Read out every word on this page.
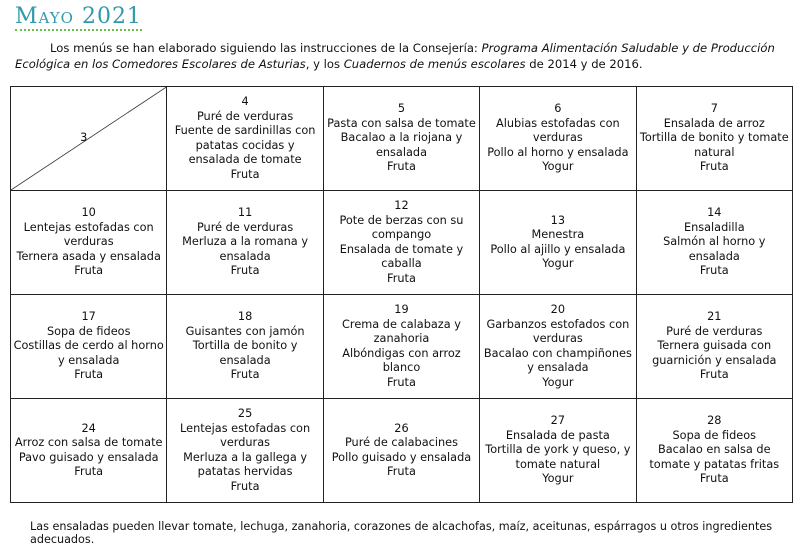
Mayo 2021
Los menús se han elaborado siguiendo las instrucciones de la Consejería: Programa Alimentación Saludable y de Producción Ecológica en los Comedores Escolares de Asturias, y los Cuadernos de menús escolares de 2014 y de 2016.
3	4
Puré de verduras
Fuente de sardinillas con patatas cocidas y ensalada de tomate
Fruta	5
Pasta con salsa de tomate
Bacalao a la riojana y ensalada
Fruta	6
Alubias estofadas con verduras
Pollo al horno y ensalada
Yogur	7
Ensalada de arroz
Tortilla de bonito y tomate natural
Fruta

10
Lentejas estofadas con verduras
Ternera asada y ensalada
Fruta	11
Puré de verduras
Merluza a la romana y ensalada
Fruta	12
Pote de berzas con su compango
Ensalada de tomate y caballa
Fruta	13
Menestra
Pollo al ajillo y ensalada
Yogur	14
Ensaladilla
Salmón al horno y ensalada
Fruta

17
Sopa de fideos
Costillas de cerdo al horno y ensalada
Fruta	18
Guisantes con jamón
Tortilla de bonito y ensalada
Fruta	19
Crema de calabaza y zanahoria
Albóndigas con arroz blanco
Fruta	20
Garbanzos estofados con verduras
Bacalao con champiñones y ensalada
Yogur	21
Puré de verduras
Ternera guisada con guarnición y ensalada
Fruta

24
Arroz con salsa de tomate
Pavo guisado y ensalada
Fruta	25
Lentejas estofadas con verduras
Merluza a la gallega y patatas hervidas
Fruta	26
Puré de calabacines
Pollo guisado y ensalada
Fruta	27
Ensalada de pasta
Tortilla de york y queso, y tomate natural
Yogur	28
Sopa de fideos
Bacalao en salsa de tomate y patatas fritas
Fruta
Las ensaladas pueden llevar tomate, lechuga, zanahoria, corazones de alcachofas, maíz, aceitunas, espárragos u otros ingredientes adecuados.
